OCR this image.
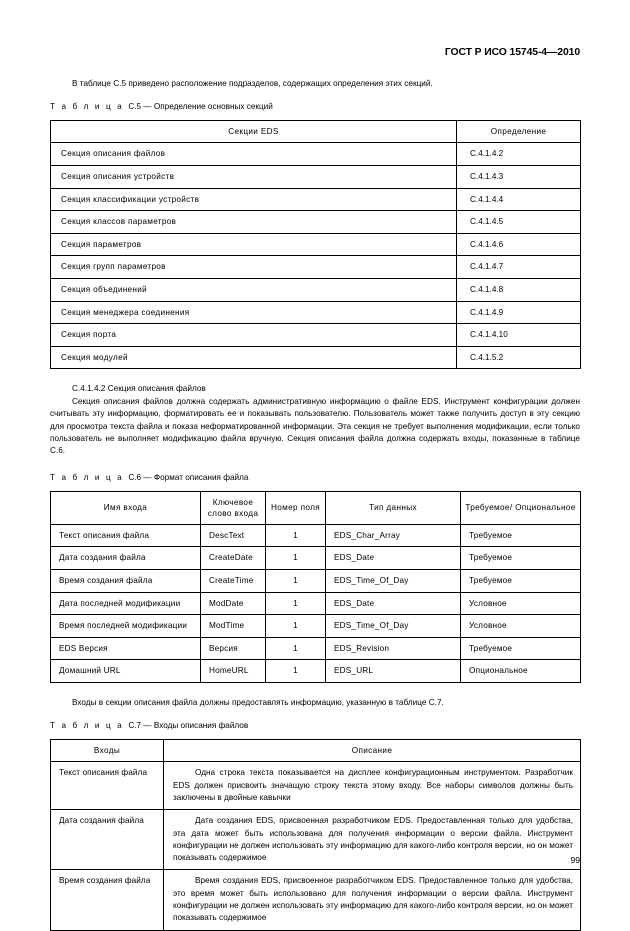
ГОСТ Р ИСО 15745-4—2010

В таблице С.5 приведено расположение подразделов, содержащих определения этих секций.

Т а б л и ц а С.5 — Определение основных секций

Секции EDS	Определение
Секция описания файлов	C.4.1.4.2
Секция описания устройств	C.4.1.4.3
Секция классификации устройств	C.4.1.4.4
Секция классов параметров	C.4.1.4.5
Секция параметров	C.4.1.4.6
Секция групп параметров	C.4.1.4.7
Секция объединений	C.4.1.4.8
Секция менеджера соединения	C.4.1.4.9
Секция порта	C.4.1.4.10
Секция модулей	C.4.1.5.2

C.4.1.4.2 Секция описания файлов

Секция описания файлов должна содержать административную информацию о файле EDS. Инструмент конфигурации должен считывать эту информацию, форматировать ее и показывать пользователю. Пользователь может также получить доступ в эту секцию для просмотра текста файла и показа неформатированной информации. Эта секция не требует выполнения модификации, если только пользователь не выполняет модификацию файла вручную. Секция описания файла должна содержать входы, показанные в таблице С.6.

Т а б л и ц а С.6 — Формат описания файла

Имя входа	Ключевое слово входа	Номер поля	Тип данных	Требуемое/ Опциональное
Текст описания файла	DescText	1	EDS_Char_Array	Требуемое
Дата создания файла	CreateDate	1	EDS_Date	Требуемое
Время создания файла	CreateTime	1	EDS_Time_Of_Day	Требуемое
Дата последней модификации	ModDate	1	EDS_Date	Условное
Время последней модификации	ModTime	1	EDS_Time_Of_Day	Условное
EDS Версия	Версия	1	EDS_Revision	Требуемое
Домашний URL	HomeURL	1	EDS_URL	Опциональное

Входы в секции описания файла должны предоставлять информацию, указанную в таблице С.7.

Т а б л и ц а С.7 — Входы описания файлов

Входы	Описание
Текст описания файла	Одна строка текста показывается на дисплее конфигурационным инструментом. Разработчик EDS должен присвоить значащую строку текста этому входу. Все наборы символов должны быть заключены в двойные кавычки
Дата создания файла	Дата создания EDS, присвоенная разработчиком EDS. Предоставленная только для удобства, эта дата может быть использована для получения информации о версии файла. Инструмент конфигурации не должен использовать эту информацию для какого-либо контроля версии, но он может показывать содержимое
Время создания файла	Время создания EDS, присвоенное разработчиком EDS. Предоставленное только для удобства, это время может быть использовано для получения информации о версии файла. Инструмент конфигурации не должен использовать эту информацию для какого-либо контроля версии, но он может показывать содержимое
99
